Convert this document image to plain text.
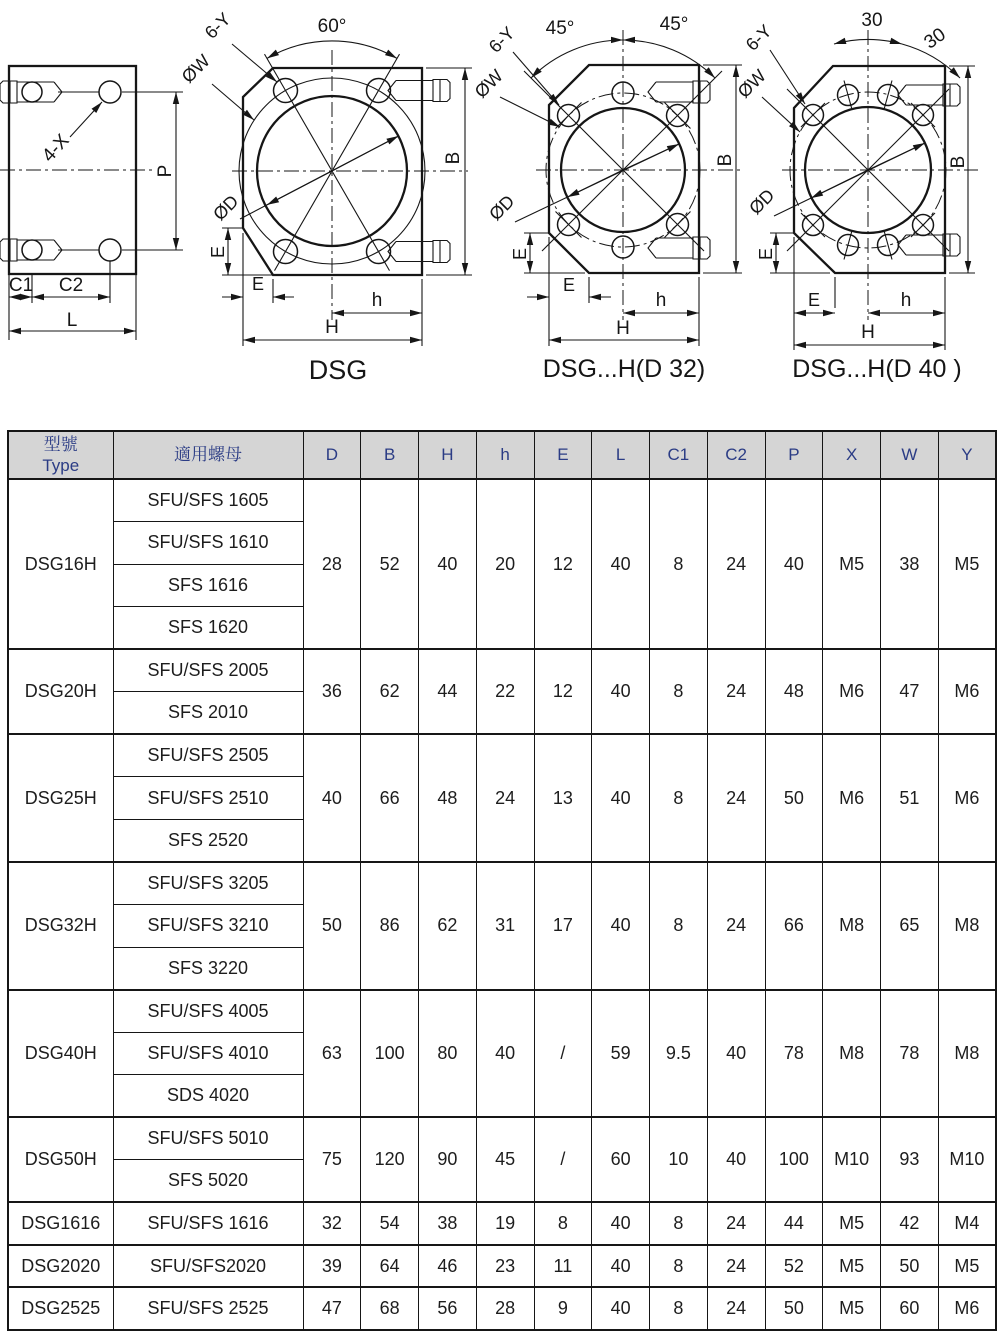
4-X
P
C1 C2
L
60°
6-Y
ØW
ØD
B
E
E
h
H
DSG
45°	45°
6-Y
ØW
ØD
B
E
E
h
H
DSG...H(D 32)
30
30
6-Y
ØW
ØD
B
E
E	h
H
DSG...H(D 40 )
型號
Type	適用螺母	D	B	H	h	E	L	C1	C2	P	X	W	Y
DSG16H	SFU/SFS 1605	28	52	40	20	12	40	8	24	40	M5	38	M5
	SFU/SFS 1610												
	SFS 1616												
	SFS 1620												
DSG20H	SFU/SFS 2005	36	62	44	22	12	40	8	24	48	M6	47	M6
	SFS 2010												
DSG25H	SFU/SFS 2505	40	66	48	24	13	40	8	24	50	M6	51	M6
	SFU/SFS 2510												
	SFS 2520												
DSG32H	SFU/SFS 3205	50	86	62	31	17	40	8	24	66	M8	65	M8
	SFU/SFS 3210												
	SFS 3220												
DSG40H	SFU/SFS 4005	63	100	80	40	/	59	9.5	40	78	M8	78	M8
	SFU/SFS 4010												
	SDS 4020												
DSG50H	SFU/SFS 5010	75	120	90	45	/	60	10	40	100	M10	93	M10
	SFS 5020												
DSG1616	SFU/SFS 1616	32	54	38	19	8	40	8	24	44	M5	42	M4
DSG2020	SFU/SFS2020	39	64	46	23	11	40	8	24	52	M5	50	M5
DSG2525	SFU/SFS 2525	47	68	56	28	9	40	8	24	50	M5	60	M6
